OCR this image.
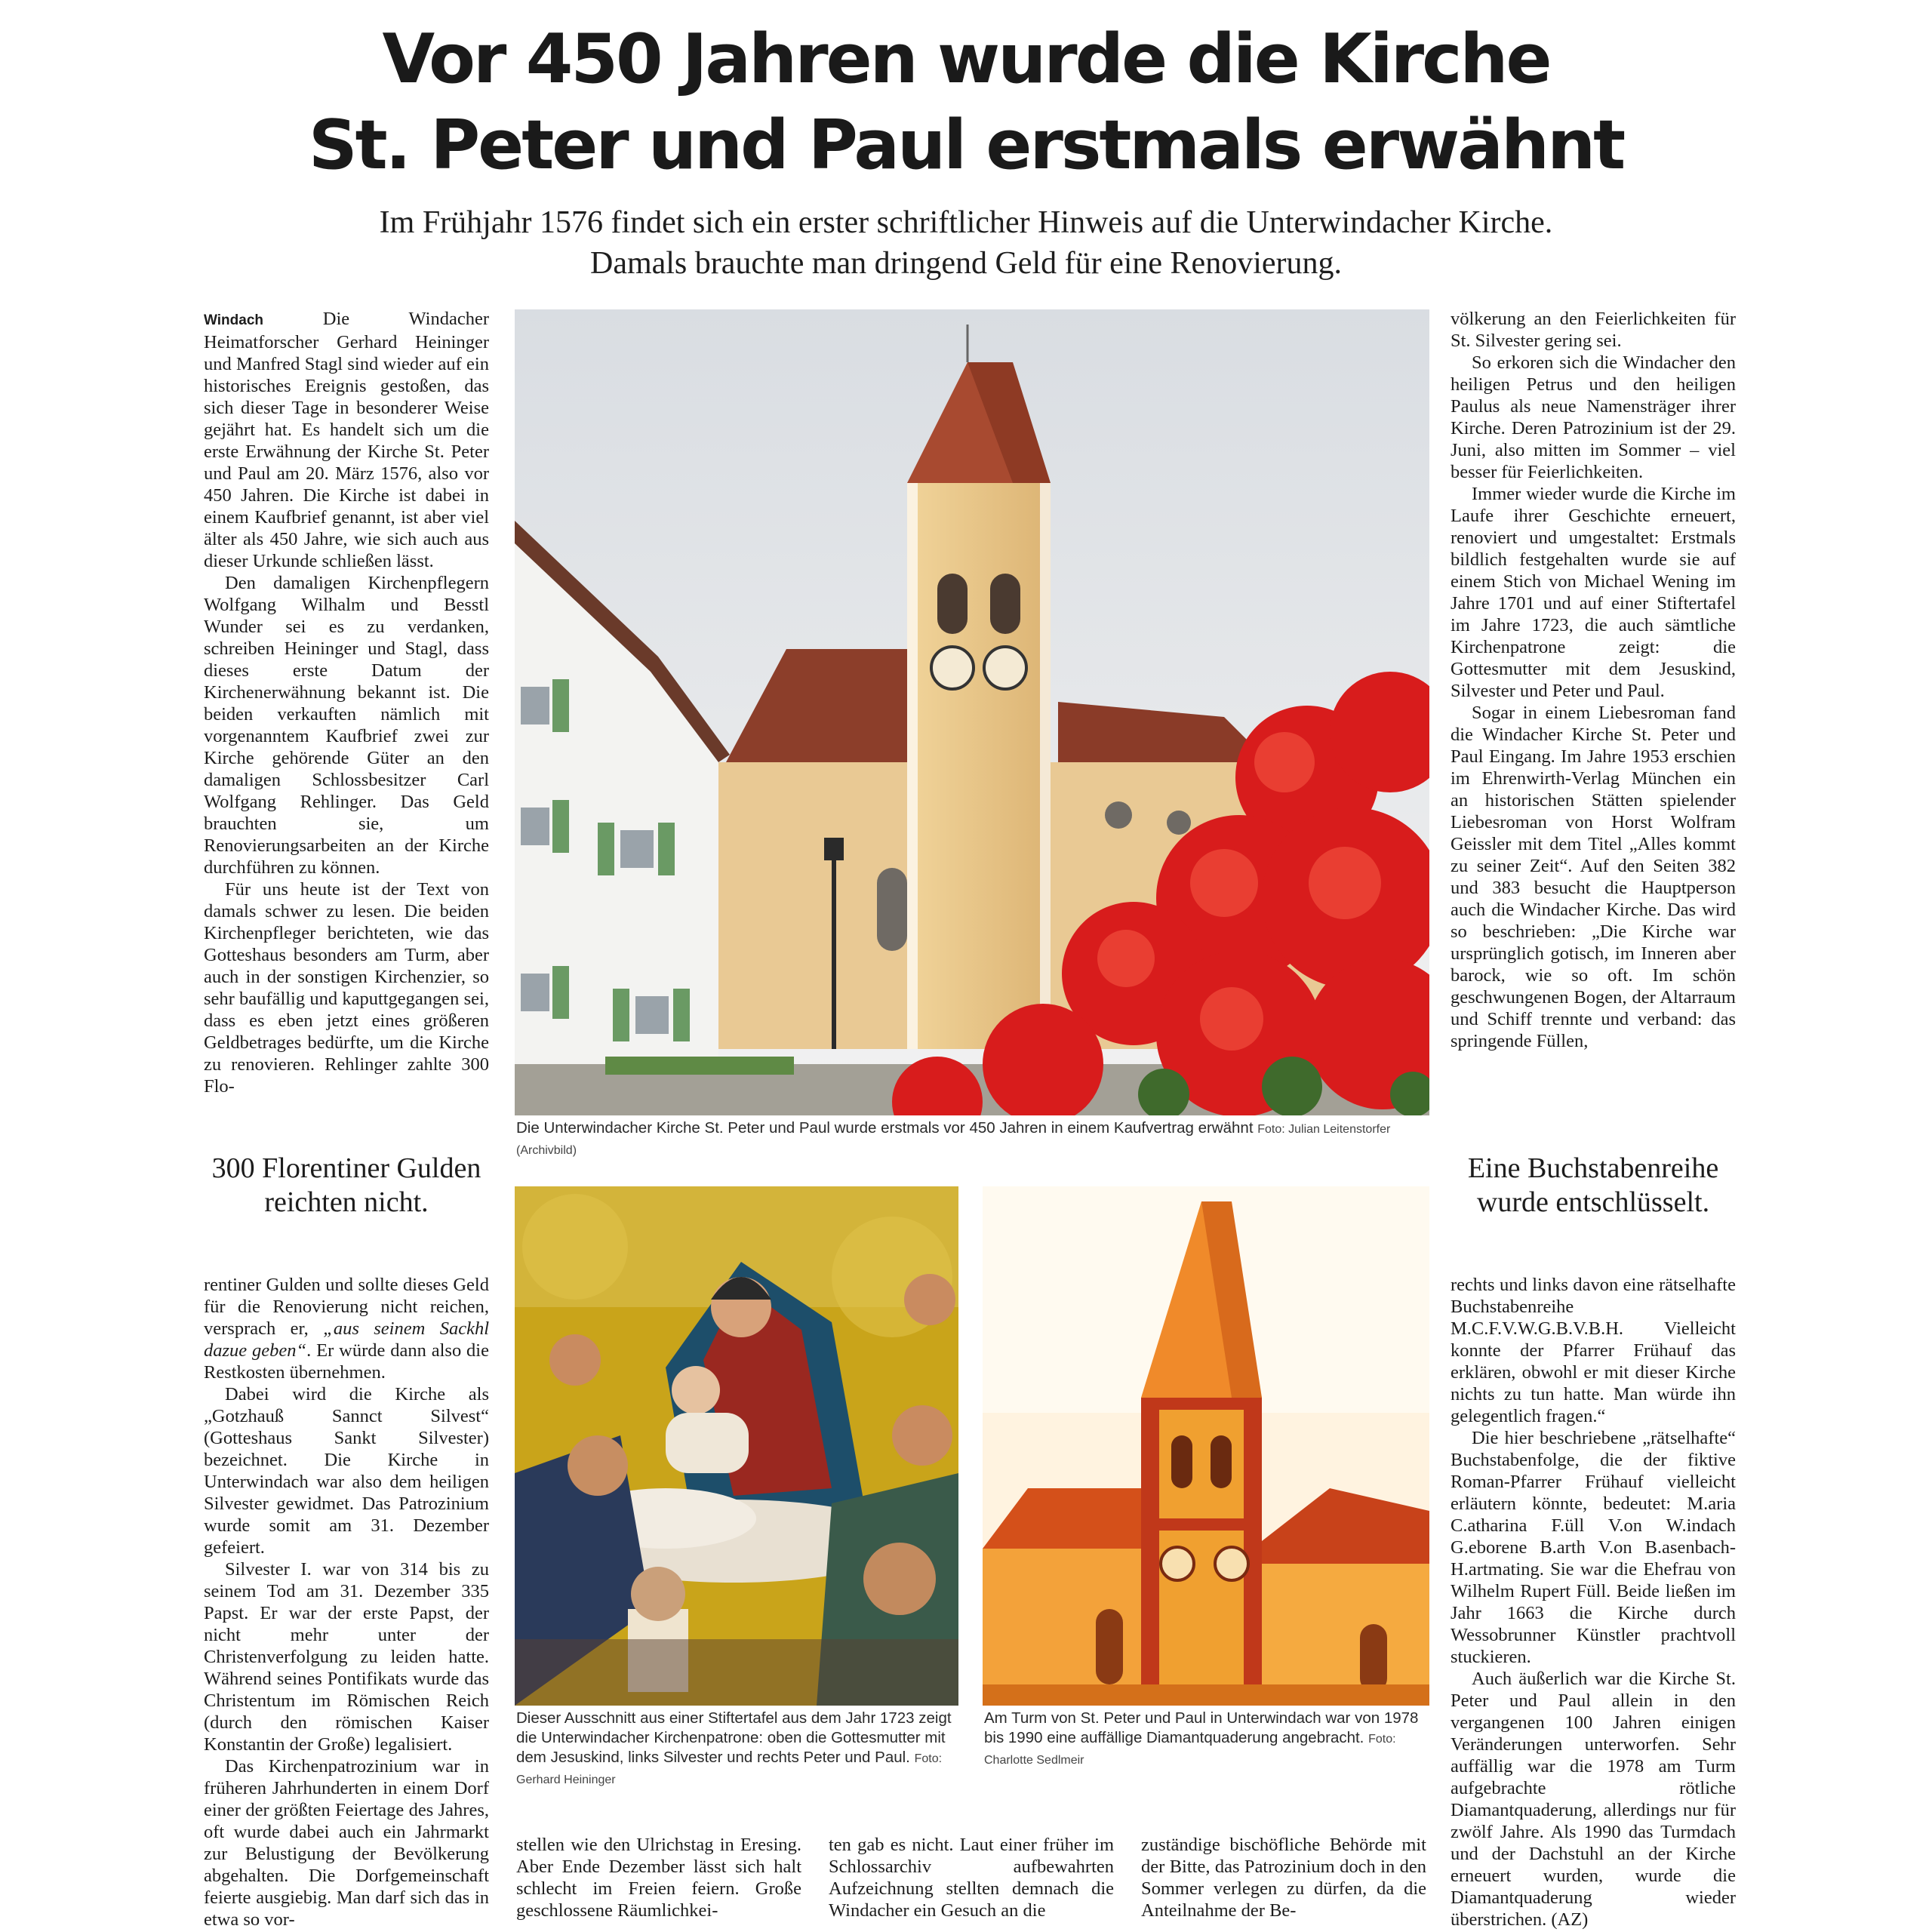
Vor 450 Jahren wurde die Kirche
St. Peter und Paul erstmals erwähnt
Im Frühjahr 1576 findet sich ein erster schriftlicher Hinweis auf die Unterwindacher Kirche.
Damals brauchte man dringend Geld für eine Renovierung.

Windach	Die Windacher Heimatforscher Gerhard Heininger und Manfred Stagl sind wieder auf ein historisches Ereignis gestoßen, das sich dieser Tage in besonderer Weise gejährt hat. Es handelt sich um die erste Erwähnung der Kirche St. Peter und Paul am 20. März 1576, also vor 450 Jahren. Die Kirche ist dabei in einem Kaufbrief genannt, ist aber viel älter als 450 Jahre, wie sich auch aus dieser Urkunde schließen lässt.

Den damaligen Kirchenpflegern Wolfgang Wilhalm und Besstl Wunder sei es zu verdanken, schreiben Heininger und Stagl, dass dieses erste Datum der Kirchenerwähnung bekannt ist. Die beiden verkauften nämlich mit vorgenanntem Kaufbrief zwei zur Kirche gehörende Güter an den damaligen Schlossbesitzer Carl Wolfgang Rehlinger. Das Geld brauchten sie, um Renovierungsarbeiten an der Kirche durchführen zu können.

Für uns heute ist der Text von damals schwer zu lesen. Die beiden Kirchenpfleger berichteten, wie das Gotteshaus besonders am Turm, aber auch in der sonstigen Kirchenzier, so sehr baufällig und kaputtgegangen sei, dass es eben jetzt eines größeren Geldbetrages bedürfte, um die Kirche zu renovieren. Rehlinger zahlte 300 Flo-

300 Florentiner Gulden reichten nicht.

rentiner Gulden und sollte dieses Geld für die Renovierung nicht reichen, versprach er, „aus seinem Sackhl dazue geben“. Er würde dann also die Restkosten übernehmen.

Dabei wird die Kirche als „Gotzhauß Sannct Silvest“ (Gotteshaus Sankt Silvester) bezeichnet. Die Kirche in Unterwindach war also dem heiligen Silvester gewidmet. Das Patrozinium wurde somit am 31. Dezember gefeiert.

Silvester I. war von 314 bis zu seinem Tod am 31. Dezember 335 Papst. Er war der erste Papst, der nicht mehr unter der Christenverfolgung zu leiden hatte. Während seines Pontifikats wurde das Christentum im Römischen Reich (durch den römischen Kaiser Konstantin der Große) legalisiert.

Das Kirchenpatrozinium war in früheren Jahrhunderten in einem Dorf einer der größten Feiertage des Jahres, oft wurde dabei auch ein Jahrmarkt zur Belustigung der Bevölkerung abgehalten. Die Dorfgemeinschaft feierte ausgiebig. Man darf sich das in etwa so vor-

stellen wie den Ulrichstag in Eresing. Aber Ende Dezember lässt sich halt schlecht im Freien feiern. Große geschlossene Räumlichkei-

ten gab es nicht. Laut einer früher im Schlossarchiv aufbewahrten Aufzeichnung stellten demnach die Windacher ein Gesuch an die

zuständige bischöfliche Behörde mit der Bitte, das Patrozinium doch in den Sommer verlegen zu dürfen, da die Anteilnahme der Be-

völkerung an den Feierlichkeiten für St. Silvester gering sei.

So erkoren sich die Windacher den heiligen Petrus und den heiligen Paulus als neue Namensträger ihrer Kirche. Deren Patrozinium ist der 29. Juni, also mitten im Sommer – viel besser für Feierlichkeiten.

Immer wieder wurde die Kirche im Laufe ihrer Geschichte erneuert, renoviert und umgestaltet: Erstmals bildlich festgehalten wurde sie auf einem Stich von Michael Wening im Jahre 1701 und auf einer Stiftertafel im Jahre 1723, die auch sämtliche Kirchenpatrone zeigt: die Gottesmutter mit dem Jesuskind, Silvester und Peter und Paul.

Sogar in einem Liebesroman fand die Windacher Kirche St. Peter und Paul Eingang. Im Jahre 1953 erschien im Ehrenwirth-Verlag München ein an historischen Stätten spielender Liebesroman von Horst Wolfram Geissler mit dem Titel „Alles kommt zu seiner Zeit“. Auf den Seiten 382 und 383 besucht die Hauptperson auch die Windacher Kirche. Das wird so beschrieben: „Die Kirche war ursprünglich gotisch, im Inneren aber barock, wie so oft. Im schön geschwungenen Bogen, der Altarraum und Schiff trennte und verband: das springende Füllen,

Eine Buchstabenreihe wurde entschlüsselt.

rechts und links davon eine rätselhafte Buchstabenreihe M.C.F.V.W.G.B.V.B.H. Vielleicht konnte der Pfarrer Frühauf das erklären, obwohl er mit dieser Kirche nichts zu tun hatte. Man würde ihn gelegentlich fragen.“

Die hier beschriebene „rätselhafte“ Buchstabenfolge, die der fiktive Roman-Pfarrer Frühauf vielleicht erläutern könnte, bedeutet: M.aria C.atharina F.üll V.on W.indach G.eborene B.arth V.on B.asenbach- H.artmating. Sie war die Ehefrau von Wilhelm Rupert Füll. Beide ließen im Jahr 1663 die Kirche durch Wessobrunner Künstler prachtvoll stuckieren.

Auch äußerlich war die Kirche St. Peter und Paul allein in den vergangenen 100 Jahren einigen Veränderungen unterworfen. Sehr auffällig war die 1978 am Turm aufgebrachte rötliche Diamantquaderung, allerdings nur für zwölf Jahre. Als 1990 das Turmdach und der Dachstuhl an der Kirche erneuert wurden, wurde die Diamantquaderung wieder überstrichen. (AZ)

Die Unterwindacher Kirche St. Peter und Paul wurde erstmals vor 450 Jahren in einem Kaufvertrag erwähnt Foto: Julian Leitenstorfer (Archivbild)
Dieser Ausschnitt aus einer Stiftertafel aus dem Jahr 1723 zeigt die Unterwindacher Kirchenpatrone: oben die Gottesmutter mit dem Jesuskind, links Silvester und rechts Peter und Paul. Foto: Gerhard Heininger
Am Turm von St. Peter und Paul in Unterwindach war von 1978 bis 1990 eine auffällige Diamantquaderung angebracht. Foto: Charlotte Sedlmeir
